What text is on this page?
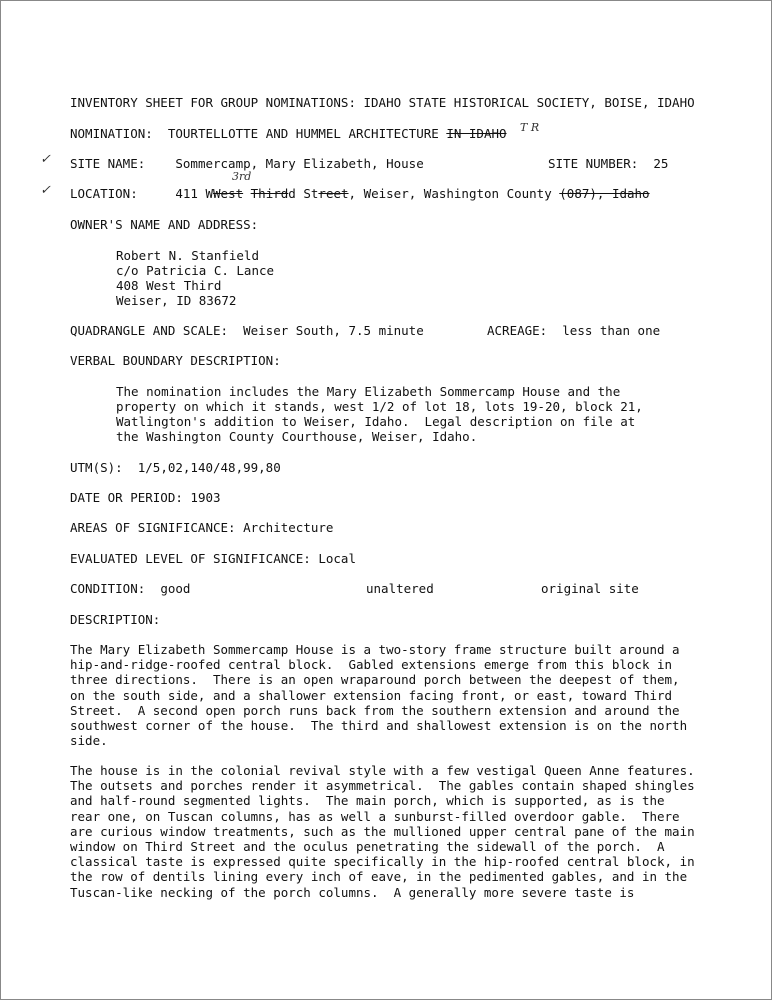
INVENTORY SHEET FOR GROUP NOMINATIONS: IDAHO STATE HISTORICAL SOCIETY, BOISE, IDAHO
NOMINATION: TOURTELLOTTE AND HUMMEL ARCHITECTURE IN IDAHO T R
✓ SITE NAME: Sommercamp, Mary Elizabeth, House	SITE NUMBER: 25
✓
3rd
LOCATION:	411 WWest Thirdd Street, Weiser, Washington County (087), Idaho
OWNER'S NAME AND ADDRESS:
Robert N. Stanfield
c/o Patricia C. Lance
408 West Third
Weiser, ID 83672
QUADRANGLE AND SCALE: Weiser South, 7.5 minute	ACREAGE: less than one
VERBAL BOUNDARY DESCRIPTION:
The nomination includes the Mary Elizabeth Sommercamp House and the
property on which it stands, west 1/2 of lot 18, lots 19-20, block 21,
Watlington's addition to Weiser, Idaho.  Legal description on file at
the Washington County Courthouse, Weiser, Idaho.
UTM(S): 1/5,02,140/48,99,80
DATE OR PERIOD: 1903
AREAS OF SIGNIFICANCE: Architecture
EVALUATED LEVEL OF SIGNIFICANCE: Local
CONDITION: good	unaltered	original site
DESCRIPTION:
The Mary Elizabeth Sommercamp House is a two-story frame structure built around a
hip-and-ridge-roofed central block.  Gabled extensions emerge from this block in
three directions.  There is an open wraparound porch between the deepest of them,
on the south side, and a shallower extension facing front, or east, toward Third
Street.  A second open porch runs back from the southern extension and around the
southwest corner of the house.  The third and shallowest extension is on the north
side.
The house is in the colonial revival style with a few vestigal Queen Anne features.
The outsets and porches render it asymmetrical.  The gables contain shaped shingles
and half-round segmented lights.  The main porch, which is supported, as is the
rear one, on Tuscan columns, has as well a sunburst-filled overdoor gable.  There
are curious window treatments, such as the mullioned upper central pane of the main
window on Third Street and the oculus penetrating the sidewall of the porch.  A
classical taste is expressed quite specifically in the hip-roofed central block, in
the row of dentils lining every inch of eave, in the pedimented gables, and in the
Tuscan-like necking of the porch columns.  A generally more severe taste is
